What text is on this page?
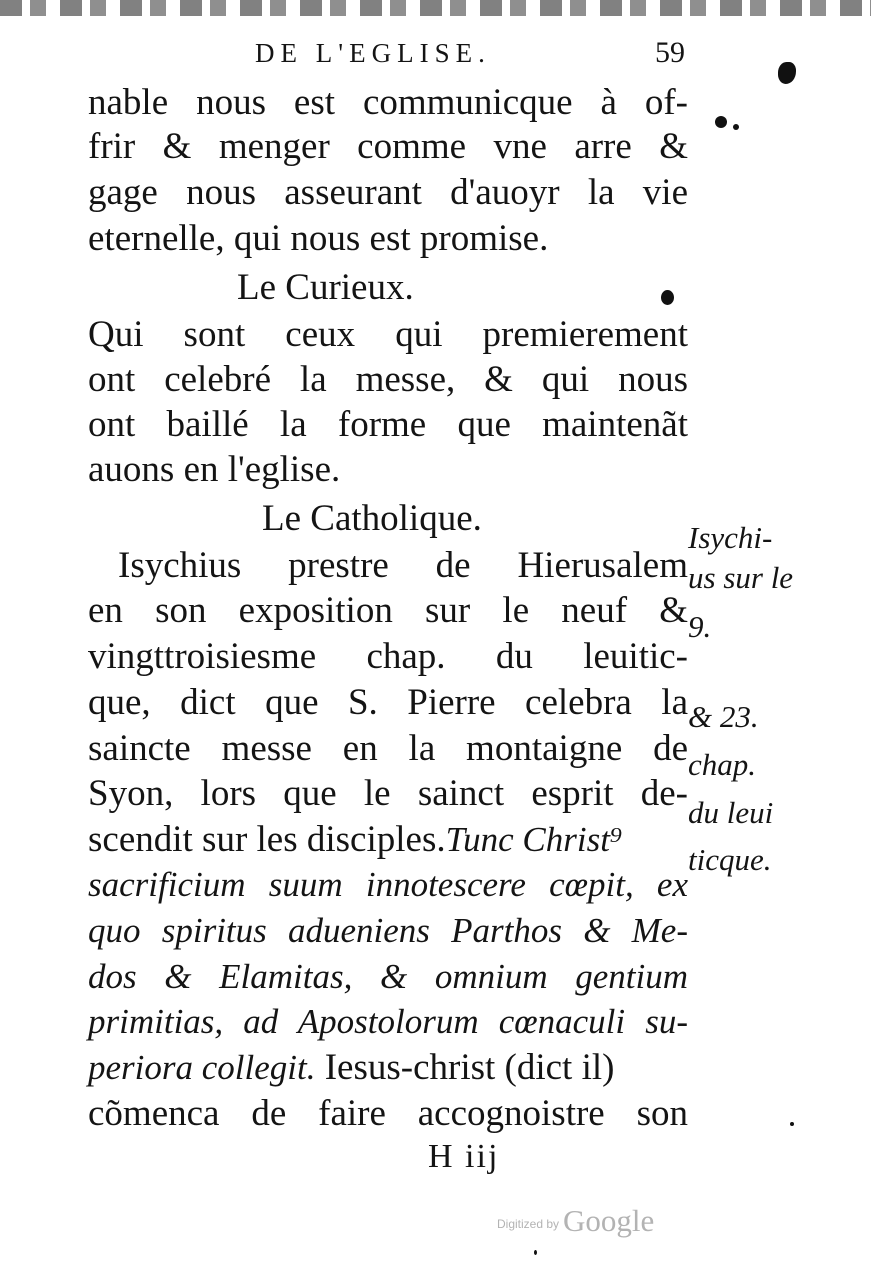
DE L'EGLISE.	59
nable nous est communicque à of-
frir & menger comme vne arre &
gage nous asseurant d'auoyr la vie
eternelle, qui nous est promise.
Le Curieux.
Qui sont ceux qui premierement
ont celebré la messe, & qui nous
ont baillé la forme que maintenãt
auons en l'eglise.
Le Catholique.
Isychius prestre de Hierusalem
en son exposition sur le neuf &
vingttroisiesme chap. du leuitic-
que, dict que S. Pierre celebra la
saincte messe en la montaigne de
Syon, lors que le sainct esprit de-
scendit sur les disciples.Tunc Christ⁹
sacrificium suum innotescere cœpit, ex
quo spiritus adueniens Parthos & Me-
dos & Elamitas, & omnium gentium
primitias, ad Apostolorum cœnaculi su-
periora collegit. Iesus-christ (dict il)
cõmenca de faire accognoistre son
Isychi-
us sur le
9.
& 23.
chap.
du leui
ticque.
H iij
Digitized by Google
